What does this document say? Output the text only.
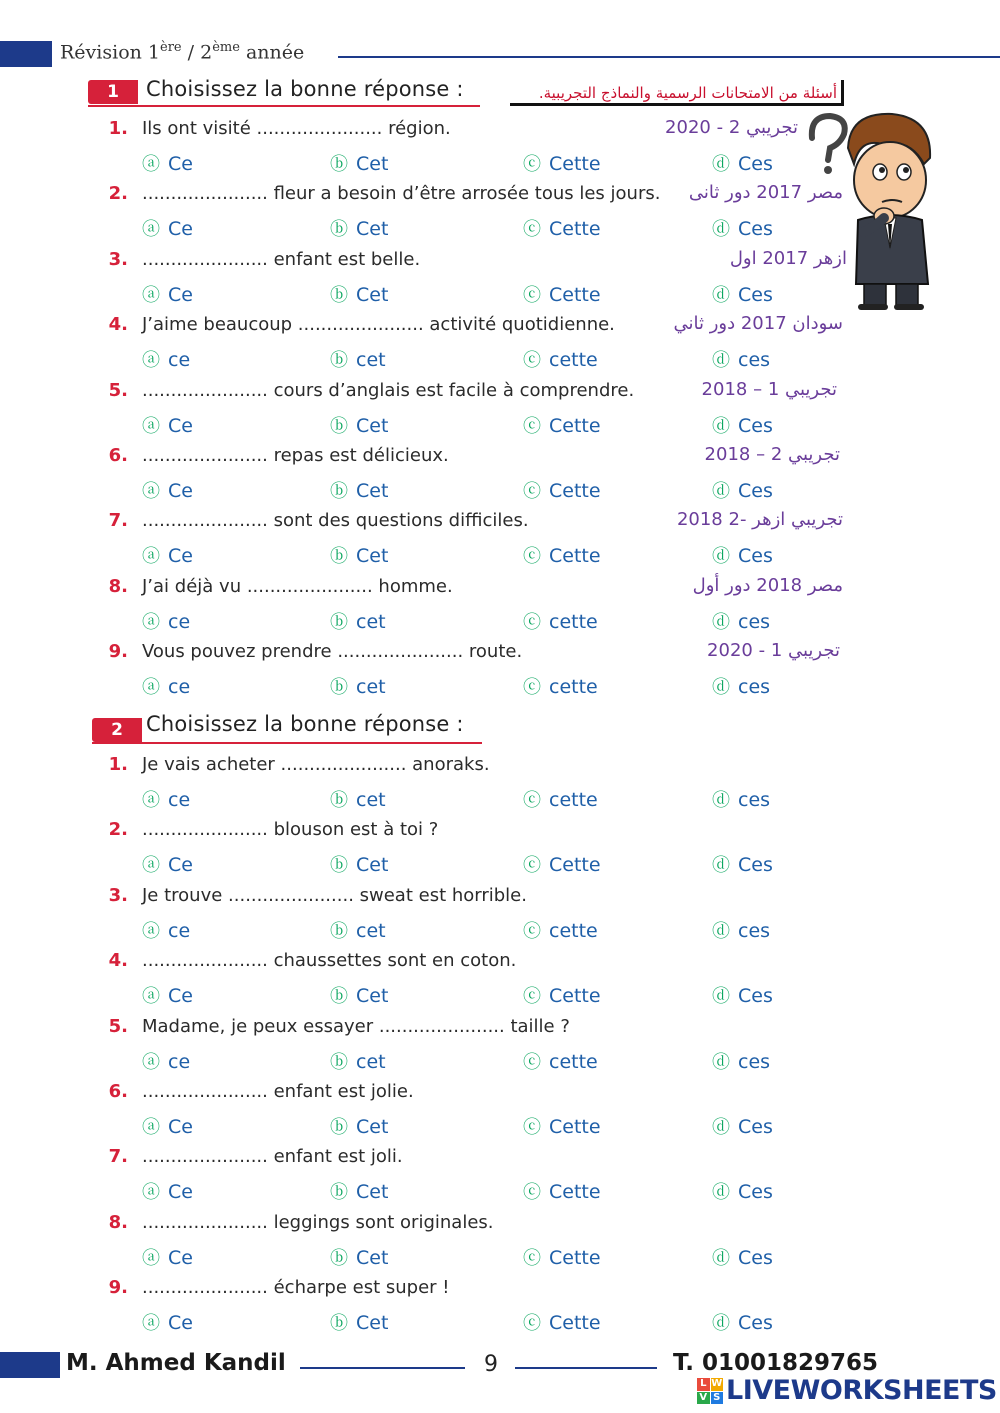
Révision 1ère / 2ème année
1	Choisissez la bonne réponse :	أسئلة من الامتحانات الرسمية والنماذج التجريبية.
1. Ils ont visité ...................... région.	تجريبي 2 - 2020
ⓐ Ce	ⓑ Cet	ⓒ Cette	ⓓ Ces
2. ...................... fleur a besoin d’être arrosée tous les jours. مصر 2017 دور ثانى
ⓐ Ce	ⓑ Cet	ⓒ Cette	ⓓ Ces
3. ...................... enfant est belle.	ازهر 2017 اول
ⓐ Ce	ⓑ Cet	ⓒ Cette	ⓓ Ces
4. J’aime beaucoup ...................... activité quotidienne.	سودان 2017 دور ثاني
ⓐ ce	ⓑ cet	ⓒ cette	ⓓ ces
5. ...................... cours d’anglais est facile à comprendre.	تجريبي 1 – 2018
ⓐ Ce	ⓑ Cet	ⓒ Cette	ⓓ Ces
6. ...................... repas est délicieux.	تجريبي 2 – 2018
ⓐ Ce	ⓑ Cet	ⓒ Cette	ⓓ Ces
7. ...................... sont des questions difficiles.	تجريبي ازهر -2 2018
ⓐ Ce	ⓑ Cet	ⓒ Cette	ⓓ Ces
8. J’ai déjà vu ...................... homme.	مصر 2018 دور أول
ⓐ ce	ⓑ cet	ⓒ cette	ⓓ ces
9. Vous pouvez prendre ...................... route.	تجريبي 1 - 2020
ⓐ ce	ⓑ cet	ⓒ cette	ⓓ ces
2	Choisissez la bonne réponse :
1. Je vais acheter ...................... anoraks.
ⓐ ce	ⓑ cet	ⓒ cette	ⓓ ces
2. ...................... blouson est à toi ?
ⓐ Ce	ⓑ Cet	ⓒ Cette	ⓓ Ces
3. Je trouve ...................... sweat est horrible.
ⓐ ce	ⓑ cet	ⓒ cette	ⓓ ces
4. ...................... chaussettes sont en coton.
ⓐ Ce	ⓑ Cet	ⓒ Cette	ⓓ Ces
5. Madame, je peux essayer ...................... taille ?
ⓐ ce	ⓑ cet	ⓒ cette	ⓓ ces
6. ...................... enfant est jolie.
ⓐ Ce	ⓑ Cet	ⓒ Cette	ⓓ Ces
7. ...................... enfant est joli.
ⓐ Ce	ⓑ Cet	ⓒ Cette	ⓓ Ces
8. ...................... leggings sont originales.
ⓐ Ce	ⓑ Cet	ⓒ Cette	ⓓ Ces
9. ...................... écharpe est super !
ⓐ Ce	ⓑ Cet	ⓒ Cette	ⓓ Ces
M. Ahmed Kandil	9	T. 01001829765
L W
V S LIVEWORKSHEETS
